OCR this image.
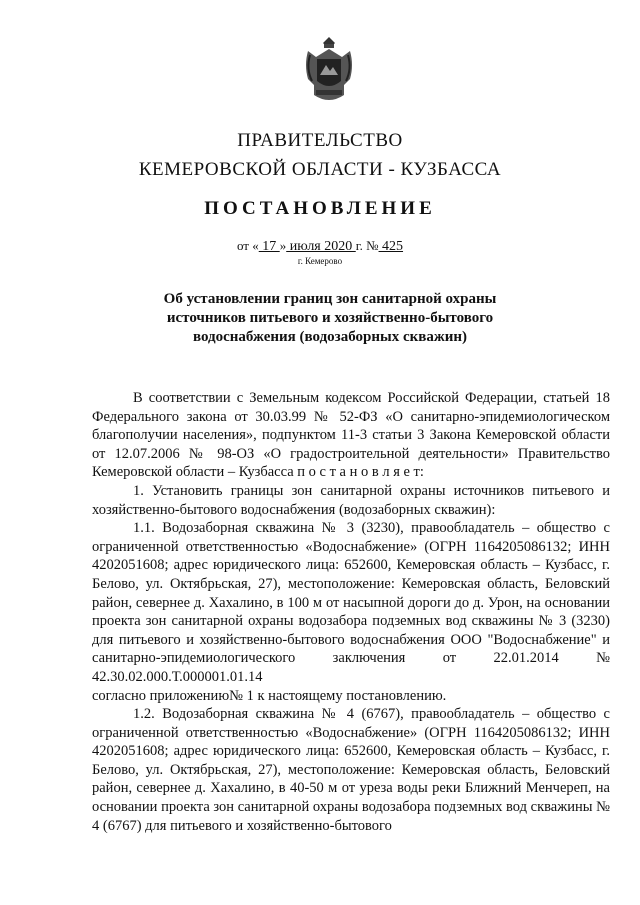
ПРАВИТЕЛЬСТВО
КЕМЕРОВСКОЙ ОБЛАСТИ - КУЗБАССА
ПОСТАНОВЛЕНИЕ
от « 17 » июля 2020 г. № 425
г. Кемерово
Об установлении границ зон санитарной охраны
источников питьевого и хозяйственно-бытового
водоснабжения (водозаборных скважин)

В соответствии с Земельным кодексом Российской Федерации, статьей 18 Федерального закона от 30.03.99 № 52-ФЗ «О санитарно-эпидемиологическом благополучии населения», подпунктом 11-3 статьи 3 Закона Кемеровской области от 12.07.2006 № 98-ОЗ «О градостроительной деятельности» Правительство Кемеровской области – Кузбасса п о с т а н о в л я е т:

1. Установить границы зон санитарной охраны источников питьевого и хозяйственно-бытового водоснабжения (водозаборных скважин):

1.1. Водозаборная скважина № 3 (3230), правообладатель – общество с ограниченной ответственностью «Водоснабжение» (ОГРН 1164205086132; ИНН 4202051608; адрес юридического лица: 652600, Кемеровская область – Кузбасс, г. Белово, ул. Октябрьская, 27), местоположение: Кемеровская область, Беловский район, севернее д. Хахалино, в 100 м от насыпной дороги до д. Урон, на основании проекта зон санитарной охраны водозабора подземных вод скважины № 3 (3230) для питьевого и хозяйственно-бытового водоснабжения ООО "Водоснабжение" и санитарно-эпидемиологического заключения от 22.01.2014 № 42.30.02.000.Т.000001.01.14

согласно приложению№ 1 к настоящему постановлению.

1.2. Водозаборная скважина № 4 (6767), правообладатель – общество с ограниченной ответственностью «Водоснабжение» (ОГРН 1164205086132; ИНН 4202051608; адрес юридического лица: 652600, Кемеровская область – Кузбасс, г. Белово, ул. Октябрьская, 27), местоположение: Кемеровская область, Беловский район, севернее д. Хахалино, в 40-50 м от уреза воды реки Ближний Менчереп, на основании проекта зон санитарной охраны водозабора подземных вод скважины № 4 (6767) для питьевого и хозяйственно-бытового
